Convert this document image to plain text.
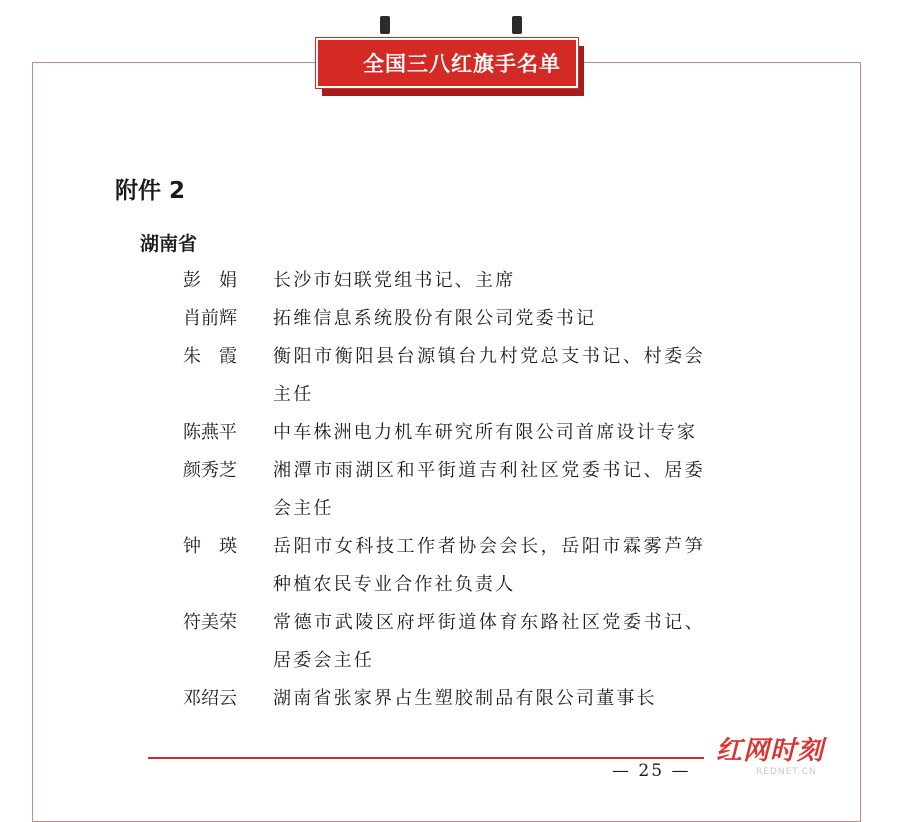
全国三八红旗手名单
附件 2
湖南省
彭娟	长沙市妇联党组书记、主席
肖前辉	拓维信息系统股份有限公司党委书记
朱霞	衡阳市衡阳县台源镇台九村党总支书记、村委会主任
陈燕平	中车株洲电力机车研究所有限公司首席设计专家
颜秀芝	湘潭市雨湖区和平街道吉利社区党委书记、居委会主任
钟瑛	岳阳市女科技工作者协会会长，岳阳市霖雾芦笋种植农民专业合作社负责人
符美荣	常德市武陵区府坪街道体育东路社区党委书记、居委会主任
邓绍云	湖南省张家界占生塑胶制品有限公司董事长
— 25 —
红网时刻
REDNET.CN
